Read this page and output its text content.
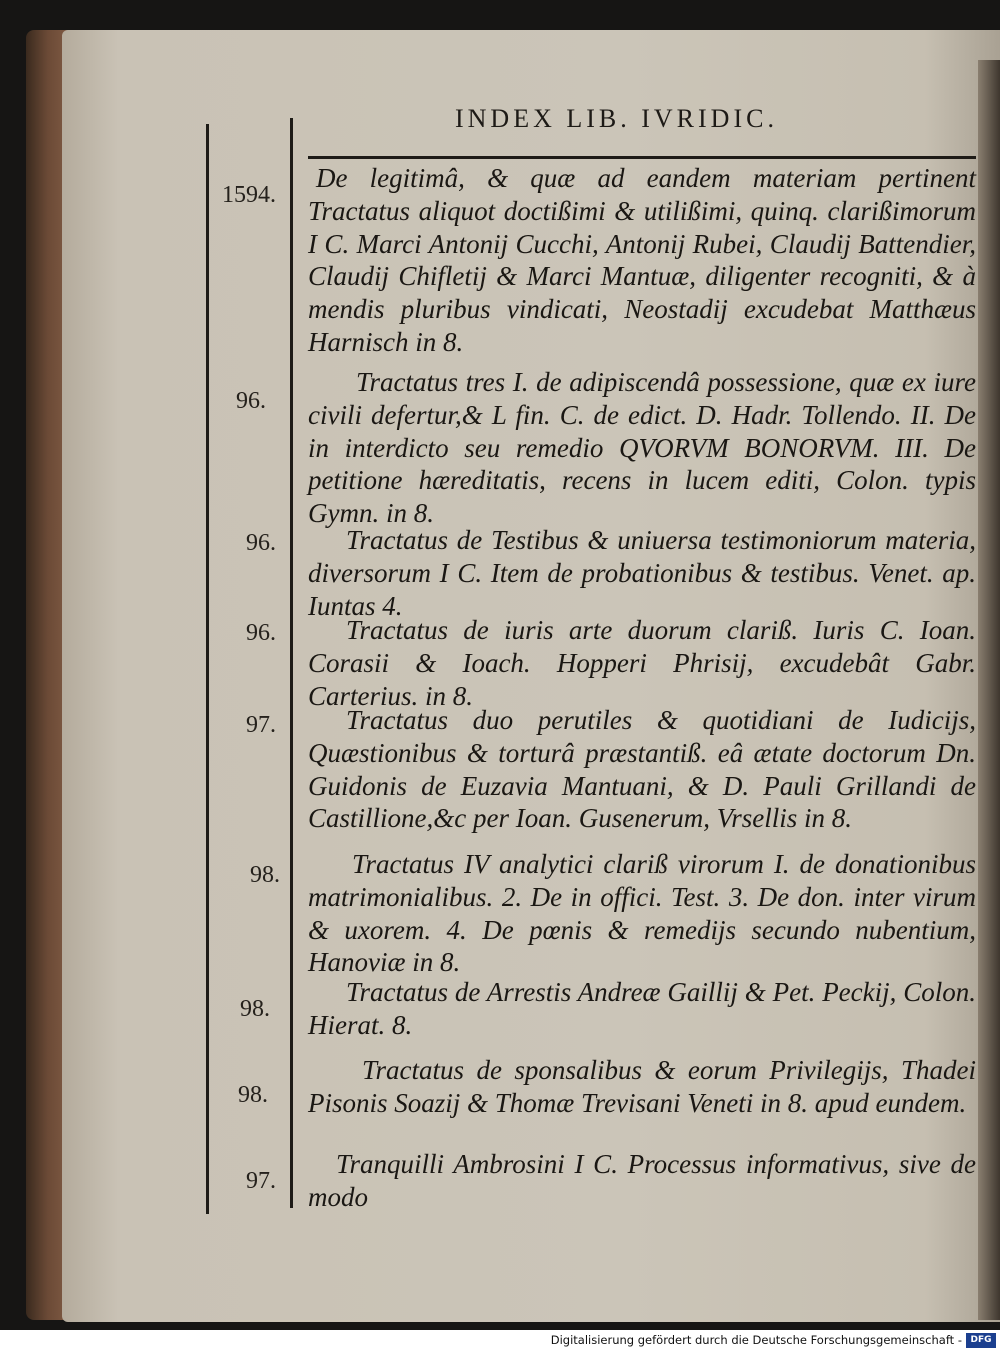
INDEX LIB. IVRIDIC.
1594.
96.
96.
96.
97.
98.
98.
98.
97.

De legitimâ, & quæ ad eandem materiam pertinent Tractatus aliquot doctißimi & utilißimi, quinq. clarißimorum I C. Marci Antonij Cucchi, Antonij Rubei, Claudij Battendier, Claudij Chifletij & Marci Mantuæ, diligenter recogniti, & à mendis pluribus vindicati, Neostadij excudebat Matthæus Harnisch in 8.

Tractatus tres I. de adipiscendâ possessione, quæ ex iure civili defertur,& L fin. C. de edict. D. Hadr. Tollendo. II. De in interdicto seu remedio QVORVM BONORVM. III. De petitione hæreditatis, recens in lucem editi, Colon. typis Gymn. in 8.

Tractatus de Testibus & uniuersa testimoniorum materia, diversorum I C. Item de probationibus & testibus. Venet. ap. Iuntas 4.

Tractatus de iuris arte duorum clariß. Iuris C. Ioan. Corasii & Ioach. Hopperi Phrisij, excudebât Gabr. Carterius. in 8.

Tractatus duo perutiles & quotidiani de Iudicijs, Quæstionibus & torturâ præstantiß. eâ ætate doctorum Dn. Guidonis de Euzavia Mantuani, & D. Pauli Grillandi de Castillione,&c per Ioan. Gusenerum, Vrsellis in 8.

Tractatus IV analytici clariß virorum I. de donationibus matrimonialibus. 2. De in offici. Test. 3. De don. inter virum & uxorem. 4. De pœnis & remedijs secundo nubentium, Hanoviæ in 8.

Tractatus de Arrestis Andreæ Gaillij & Pet. Peckij, Colon. Hierat. 8.

Tractatus de sponsalibus & eorum Privilegijs, Thadei Pisonis Soazij & Thomæ Trevisani Veneti in 8. apud eundem.

Tranquilli Ambrosini I C. Processus informativus, sive de modo

Digitalisierung gefördert durch die Deutsche Forschungsgemeinschaft - DFG
